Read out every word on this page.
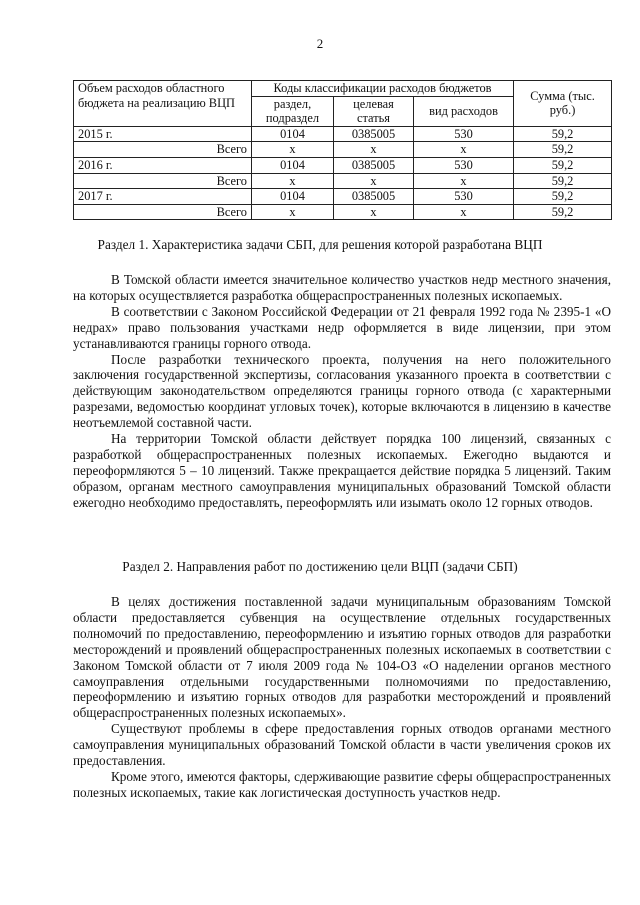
2
Объем расходов областного бюджета на реализацию ВЦП	Коды классификации расходов бюджетов			Сумма (тыс. руб.)
	раздел, подраздел	целевая статья	вид расходов	
2015 г.	0104	0385005	530	59,2
Всего	х	х	х	59,2
2016 г.	0104	0385005	530	59,2
Всего	х	х	х	59,2
2017 г.	0104	0385005	530	59,2
Всего	х	х	х	59,2
Раздел 1. Характеристика задачи СБП, для решения которой разработана ВЦП

В Томской области имеется значительное количество участков недр местного значения, на которых осуществляется разработка общераспространенных полезных ископаемых.

В соответствии с Законом Российской Федерации от 21 февраля 1992 года № 2395-1 «О недрах» право пользования участками недр оформляется в виде лицензии, при этом устанавливаются границы горного отвода.

После разработки технического проекта, получения на него положительного заключения государственной экспертизы, согласования указанного проекта в соответствии с действующим законодательством определяются границы горного отвода (с характерными разрезами, ведомостью координат угловых точек), которые включаются в лицензию в качестве неотъемлемой составной части.

На территории Томской области действует порядка 100 лицензий, связанных с разработкой общераспространенных полезных ископаемых. Ежегодно выдаются и переоформляются 5 – 10 лицензий. Также прекращается действие порядка 5 лицензий. Таким образом, органам местного самоуправления муниципальных образований Томской области ежегодно необходимо предоставлять, переоформлять или изымать около 12 горных отводов.

Раздел 2. Направления работ по достижению цели ВЦП (задачи СБП)

В целях достижения поставленной задачи муниципальным образованиям Томской области предоставляется субвенция на осуществление отдельных государственных полномочий по предоставлению, переоформлению и изъятию горных отводов для разработки месторождений и проявлений общераспространенных полезных ископаемых в соответствии с Законом Томской области от 7 июля 2009 года № 104-ОЗ «О наделении органов местного самоуправления отдельными государственными полномочиями по предоставлению, переоформлению и изъятию горных отводов для разработки месторождений и проявлений общераспространенных полезных ископаемых».

Существуют проблемы в сфере предоставления горных отводов органами местного самоуправления муниципальных образований Томской области в части увеличения сроков их предоставления.

Кроме этого, имеются факторы, сдерживающие развитие сферы общераспространенных полезных ископаемых, такие как логистическая доступность участков недр.
